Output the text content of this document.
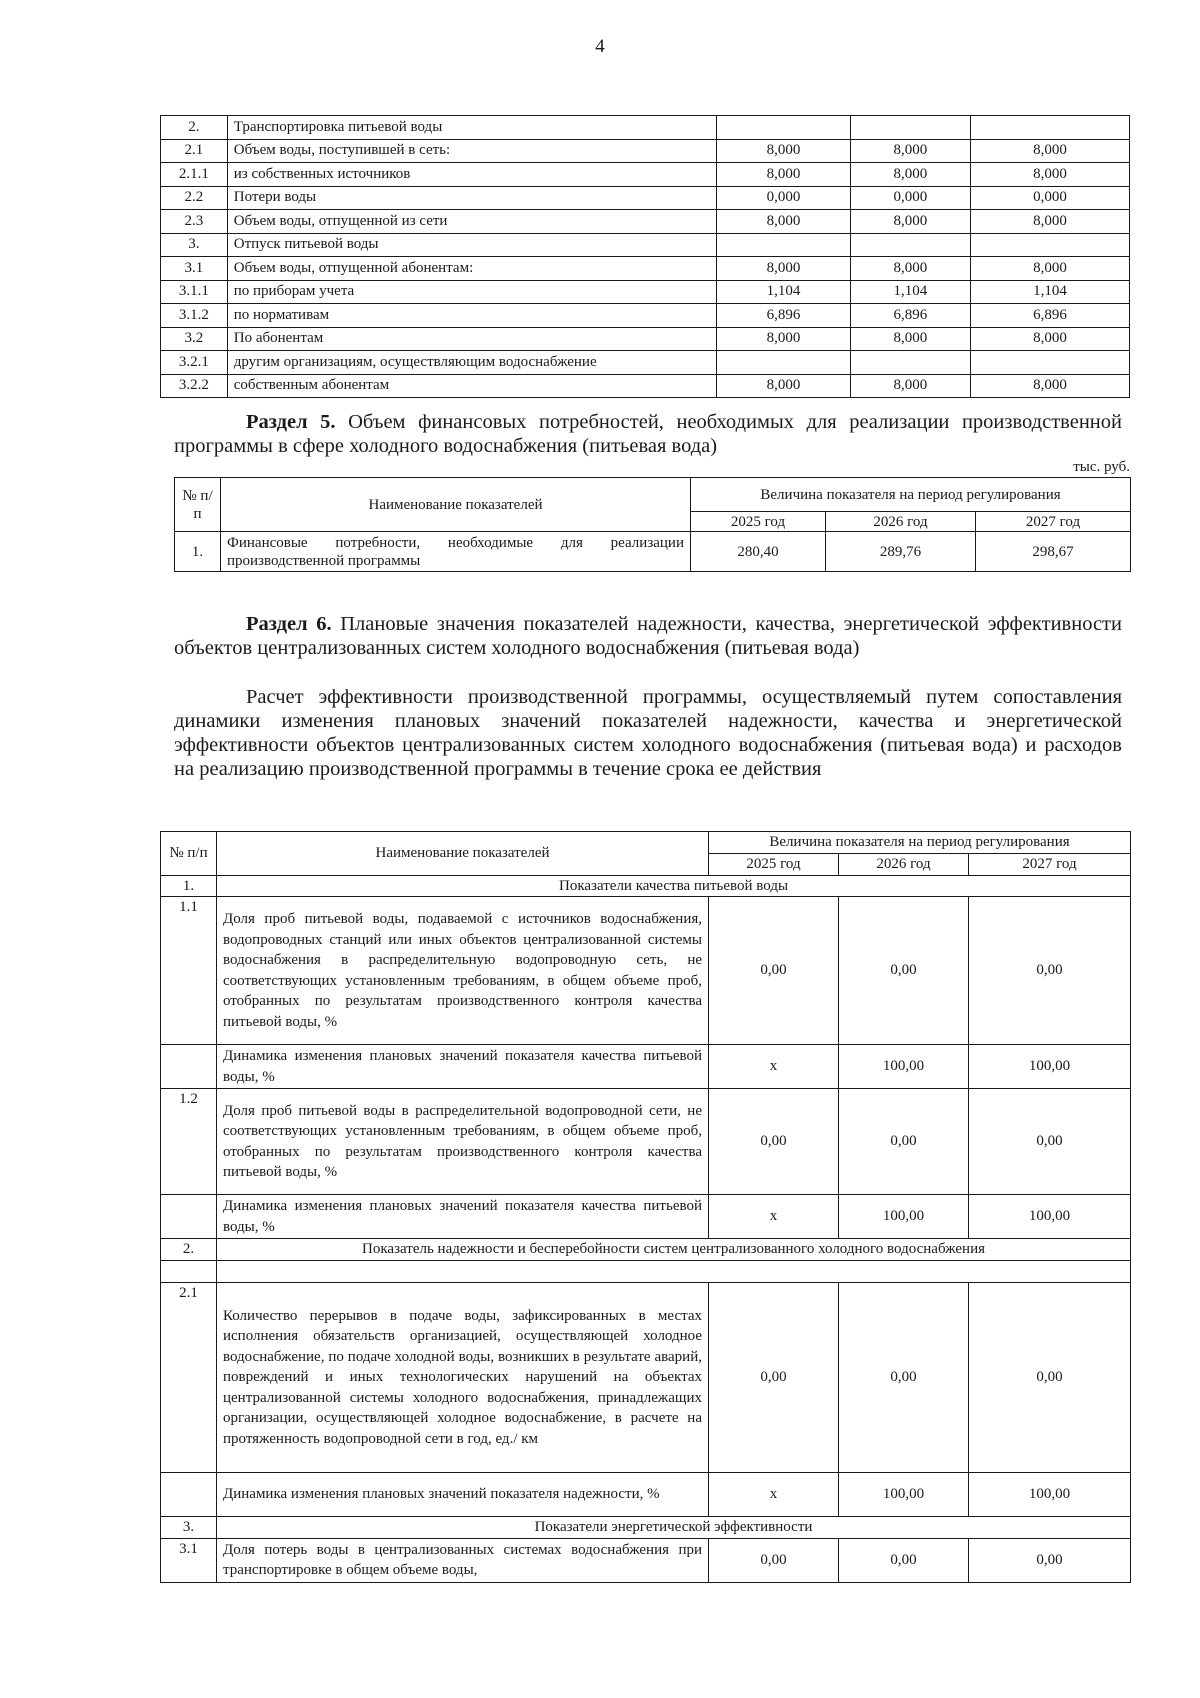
4
2.	Транспортировка питьевой воды			
2.1	Объем воды, поступившей в сеть:	8,000	8,000	8,000
2.1.1	из собственных источников	8,000	8,000	8,000
2.2	Потери воды	0,000	0,000	0,000
2.3	Объем воды, отпущенной из сети	8,000	8,000	8,000
3.	Отпуск питьевой воды			
3.1	Объем воды, отпущенной абонентам:	8,000	8,000	8,000
3.1.1	по приборам учета	1,104	1,104	1,104
3.1.2	по нормативам	6,896	6,896	6,896
3.2	По абонентам	8,000	8,000	8,000
3.2.1	другим организациям, осуществляющим водоснабжение			
3.2.2	собственным абонентам	8,000	8,000	8,000
Раздел 5. Объем финансовых потребностей, необходимых для реализации производственной программы в сфере холодного водоснабжения (питьевая вода)
тыс. руб.
№ п/п	Наименование показателей	Величина показателя на период регулирования		
		2025 год	2026 год	2027 год
1.	Финансовые потребности, необходимые для реализации производственной программы	280,40	289,76	298,67
Раздел 6. Плановые значения показателей надежности, качества, энергетической эффективности объектов централизованных систем холодного водоснабжения (питьевая вода)
Расчет эффективности производственной программы, осуществляемый путем сопоставления динамики изменения плановых значений показателей надежности, качества и энергетической эффективности объектов централизованных систем холодного водоснабжения (питьевая вода) и расходов на реализацию производственной программы в течение срока ее действия
№ п/п	Наименование показателей	Величина показателя на период регулирования		
		2025 год	2026 год	2027 год
1.	Показатели качества питьевой воды			
1.1	Доля проб питьевой воды, подаваемой с источников водоснабжения, водопроводных станций или иных объектов централизованной системы водоснабжения в распределительную водопроводную сеть, не соответствующих установленным требованиям, в общем объеме проб, отобранных по результатам производственного контроля качества питьевой воды, %	0,00	0,00	0,00
	Динамика изменения плановых значений показателя качества питьевой воды, %	х	100,00	100,00
1.2	Доля проб питьевой воды в распределительной водопроводной сети, не соответствующих установленным требованиям, в общем объеме проб, отобранных по результатам производственного контроля качества питьевой воды, %	0,00	0,00	0,00
	Динамика изменения плановых значений показателя качества питьевой воды, %	х	100,00	100,00
2.	Показатель надежности и бесперебойности систем централизованного холодного водоснабжения			

2.1	Количество перерывов в подаче воды, зафиксированных в местах исполнения обязательств организацией, осуществляющей холодное водоснабжение, по подаче холодной воды, возникших в результате аварий, повреждений и иных технологических нарушений на объектах централизованной системы холодного водоснабжения, принадлежащих организации, осуществляющей холодное водоснабжение, в расчете на протяженность водопроводной сети в год, ед./ км	0,00	0,00	0,00
	Динамика изменения плановых значений показателя надежности, %	х	100,00	100,00
3.	Показатели энергетической эффективности			
3.1	Доля потерь воды в централизованных системах водоснабжения при транспортировке в общем объеме воды,	0,00	0,00	0,00
